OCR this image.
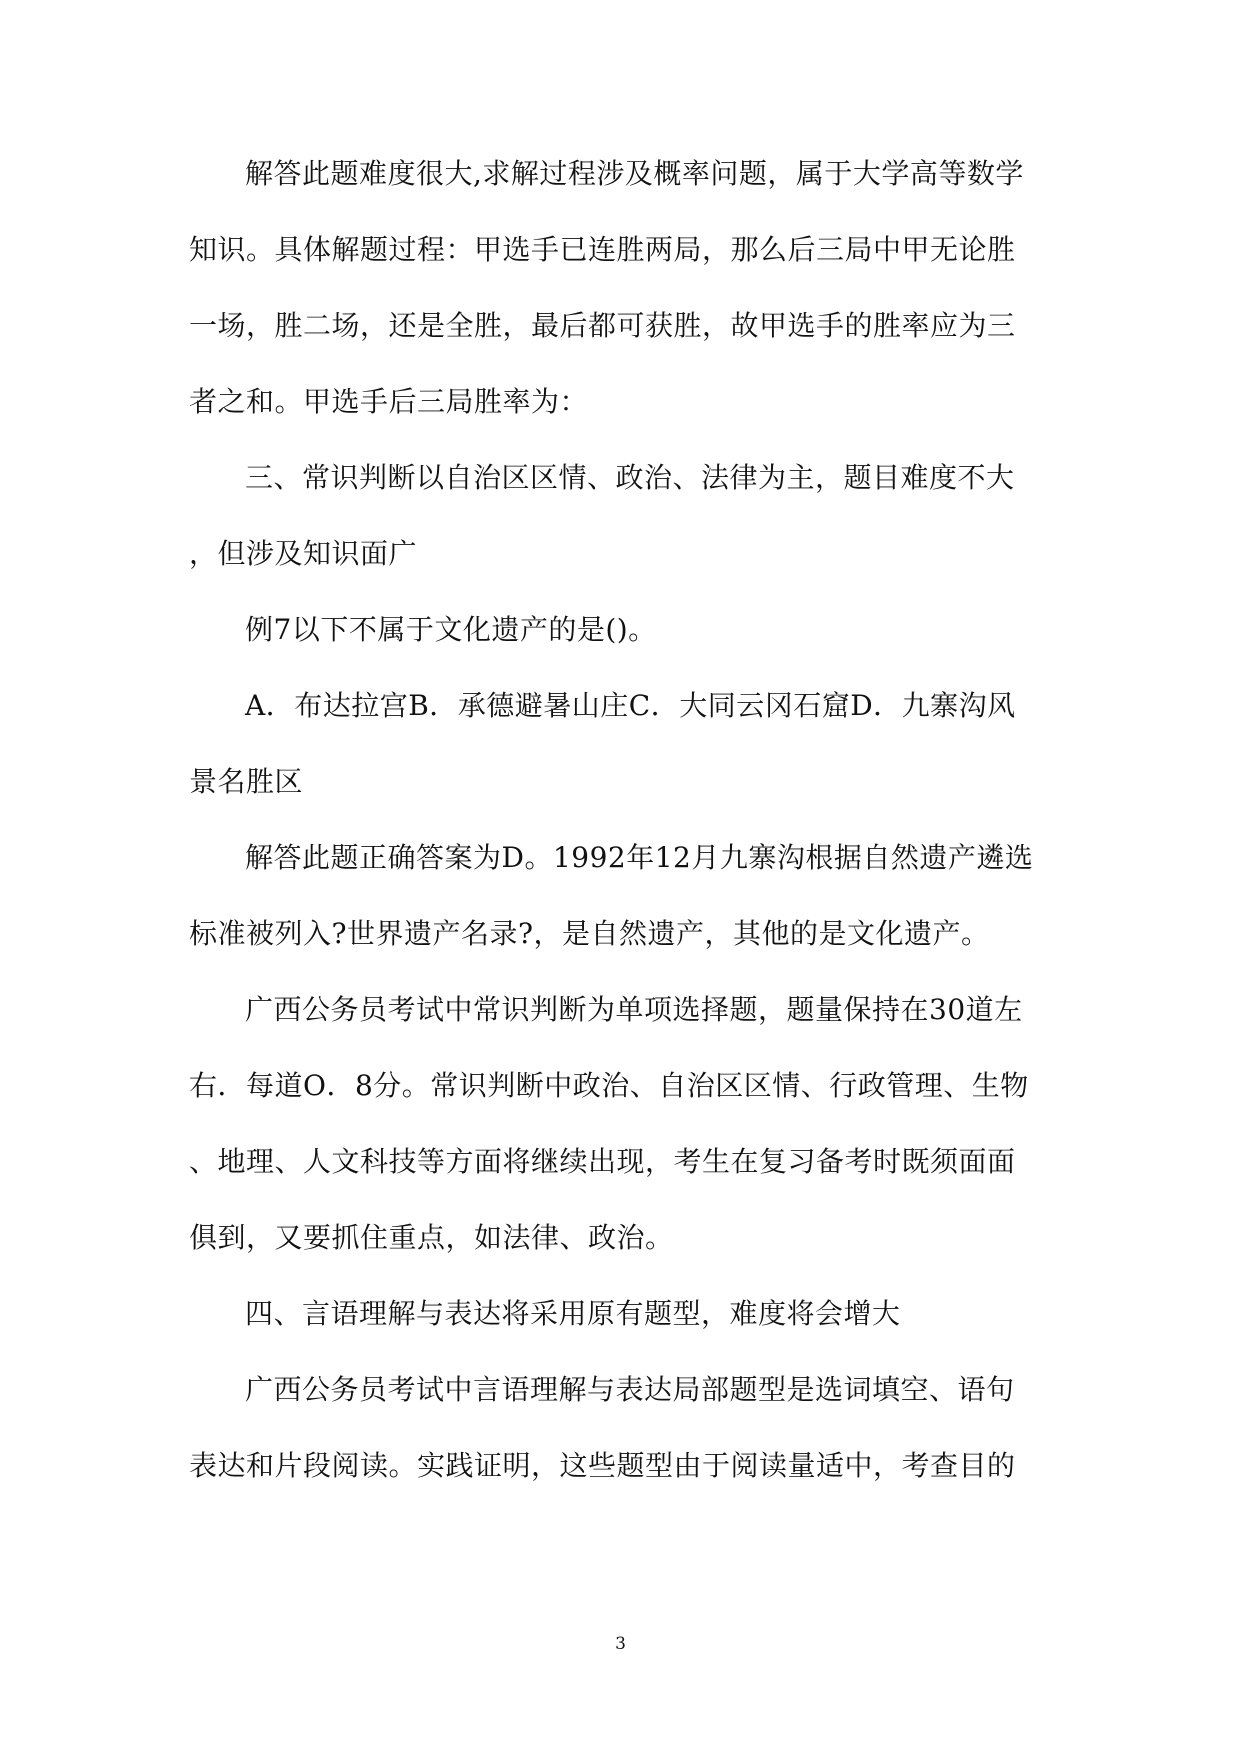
解答此题难度很大,求解过程涉及概率问题，属于大学高等数学
知识。具体解题过程：甲选手已连胜两局，那么后三局中甲无论胜
一场，胜二场，还是全胜，最后都可获胜，故甲选手的胜率应为三
者之和。甲选手后三局胜率为：
三、常识判断以自治区区情、政治、法律为主，题目难度不大
，但涉及知识面广
例7以下不属于文化遗产的是()。
A．布达拉宫B．承德避暑山庄C．大同云冈石窟D．九寨沟风
景名胜区
解答此题正确答案为D。1992年12月九寨沟根据自然遗产遴选
标准被列入?世界遗产名录?，是自然遗产，其他的是文化遗产。
广西公务员考试中常识判断为单项选择题，题量保持在30道左
右．每道O．8分。常识判断中政治、自治区区情、行政管理、生物
、地理、人文科技等方面将继续出现，考生在复习备考时既须面面
俱到，又要抓住重点，如法律、政治。
四、言语理解与表达将采用原有题型，难度将会增大
广西公务员考试中言语理解与表达局部题型是选词填空、语句
表达和片段阅读。实践证明，这些题型由于阅读量适中，考查目的
3
